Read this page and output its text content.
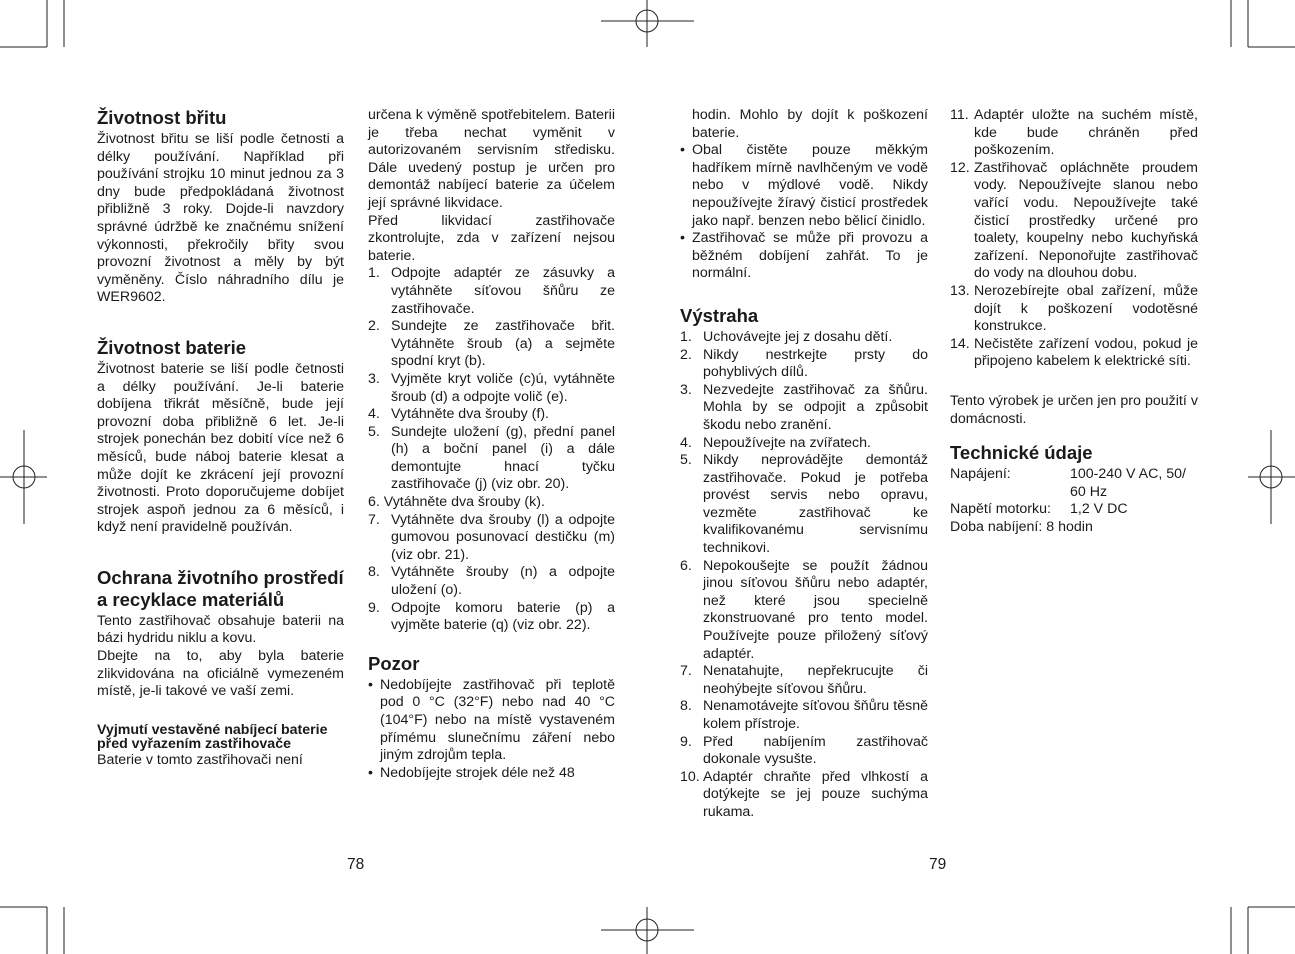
Životnost břitu

Životnost břitu se liší podle četnosti a délky používání. Například při používání strojku 10 minut jednou za 3 dny bude předpokládaná životnost přibližně 3 roky. Dojde-li navzdory správné údržbě ke značnému snížení výkonnosti, překročily břity svou provozní životnost a měly by být vyměněny. Číslo náhradního dílu je WER9602.

Životnost baterie

Životnost baterie se liší podle četnosti a délky používání. Je-li baterie dobíjena třikrát měsíčně, bude její provozní doba přibližně 6 let. Je-li strojek ponechán bez dobití více než 6 měsíců, bude náboj baterie klesat a může dojít ke zkrácení její provozní životnosti. Proto doporučujeme dobíjet strojek aspoň jednou za 6 měsíců, i když není pravidelně používán.

Ochrana životního prostředí a recyklace materiálů

Tento zastřihovač obsahuje baterii na bázi hydridu niklu a kovu.

Dbejte na to, aby byla baterie zlikvidována na oficiálně vymezeném místě, je-li takové ve vaší zemi.

Vyjmutí vestavěné nabíjecí baterie před vyřazením zastřihovače

Baterie v tomto zastřihovači není

určena k výměně spotřebitelem. Baterii je třeba nechat vyměnit v autorizovaném servisním středisku. Dále uvedený postup je určen pro demontáž nabíjecí baterie za účelem její správné likvidace.

Před likvidací zastřihovače zkontrolujte, zda v zařízení nejsou baterie.

1. Odpojte adaptér ze zásuvky a vytáhněte síťovou šňůru ze zastřihovače.
2. Sundejte ze zastřihovače břit. Vytáhněte šroub (a) a sejměte spodní kryt (b).
3. Vyjměte kryt voliče (c)ú, vytáhněte šroub (d) a odpojte volič (e).
4. Vytáhněte dva šrouby (f).
5. Sundejte uložení (g), přední panel (h) a boční panel (i) a dále demontujte hnací tyčku zastřihovače (j) (viz obr. 20).

6. Vytáhněte dva šrouby (k).

7. Vytáhněte dva šrouby (l) a odpojte gumovou posunovací destičku (m) (viz obr. 21).
8. Vytáhněte šrouby (n) a odpojte uložení (o).
9. Odpojte komoru baterie (p) a vyjměte baterie (q) (viz obr. 22).
Pozor
• Nedobíjejte zastřihovač při teplotě pod 0 °C (32°F) nebo nad 40 °C (104°F) nebo na místě vystaveném přímému slunečnímu záření nebo jiným zdrojům tepla.
• Nedobíjejte strojek déle než 48

hodin. Mohlo by dojít k poškození baterie.

• Obal čistěte pouze měkkým hadříkem mírně navlhčeným ve vodě nebo v mýdlové vodě. Nikdy nepoužívejte žíravý čisticí prostředek jako např. benzen nebo bělicí činidlo.
• Zastřihovač se může při provozu a běžném dobíjení zahřát. To je normální.
Výstraha
1. Uchovávejte jej z dosahu dětí.
2. Nikdy nestrkejte prsty do pohyblivých dílů.
3. Nezvedejte zastřihovač za šňůru. Mohla by se odpojit a způsobit škodu nebo zranění.
4. Nepoužívejte na zvířatech.
5. Nikdy neprovádějte demontáž zastřihovače. Pokud je potřeba provést servis nebo opravu, vezměte zastřihovač ke kvalifikovanému servisnímu technikovi.
6. Nepokoušejte se použít žádnou jinou síťovou šňůru nebo adaptér, než které jsou specielně zkonstruované pro tento model. Používejte pouze přiložený síťový adaptér.
7. Nenatahujte, nepřekrucujte či neohýbejte síťovou šňůru.
8. Nenamotávejte síťovou šňůru těsně kolem přístroje.
9. Před nabíjením zastřihovač dokonale vysušte.
10. Adaptér chraňte před vlhkostí a dotýkejte se jej pouze suchýma rukama.
11. Adaptér uložte na suchém místě, kde bude chráněn před poškozením.
12. Zastřihovač opláchněte proudem vody. Nepoužívejte slanou nebo vařící vodu. Nepoužívejte také čisticí prostředky určené pro toalety, koupelny nebo kuchyňská zařízení. Neponořujte zastřihovač do vody na dlouhou dobu.
13. Nerozebírejte obal zařízení, může dojít k poškození vodotěsné konstrukce.
14. Nečistěte zařízení vodou, pokud je připojeno kabelem k elektrické síti.

Tento výrobek je určen jen pro použití v domácnosti.

Technické údaje
Napájení:	100-240 V AC, 50/ 60 Hz
Napětí motorku:	1,2 V DC
Doba nabíjení: 8 hodin
78	79
